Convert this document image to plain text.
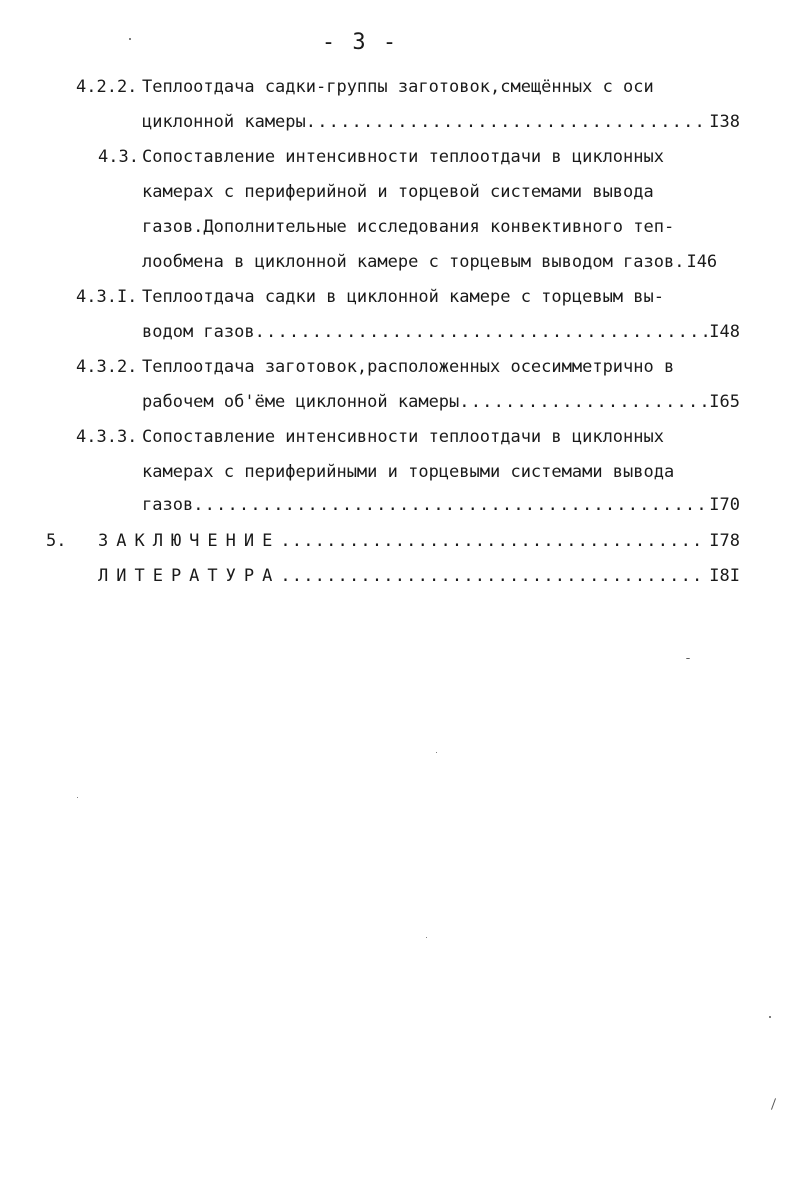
- 3 -
4.2.2. Теплоотдача садки-группы заготовок,смещённых с оси
циклонной камеры .....	I38
4.3. Сопоставление интенсивности теплоотдачи в циклонных
камерах с периферийной и торцевой системами вывода
газов.Дополнительные исследования конвективного теп-
лообмена в циклонной камере с торцевым выводом газов. I46
4.3.I. Теплоотдача садки в циклонной камере с торцевым вы-
водом газов .....	I48
4.3.2. Теплоотдача заготовок,расположенных осесимметрично в
рабочем об'ёме циклонной камеры .....	I65
4.3.3. Сопоставление интенсивности теплоотдачи в циклонных
камерах с периферийными и торцевыми системами вывода
газов .....	I70
5. ЗАКЛЮЧЕНИЕ .....	I78
ЛИТЕРАТУРА .....	I8I
